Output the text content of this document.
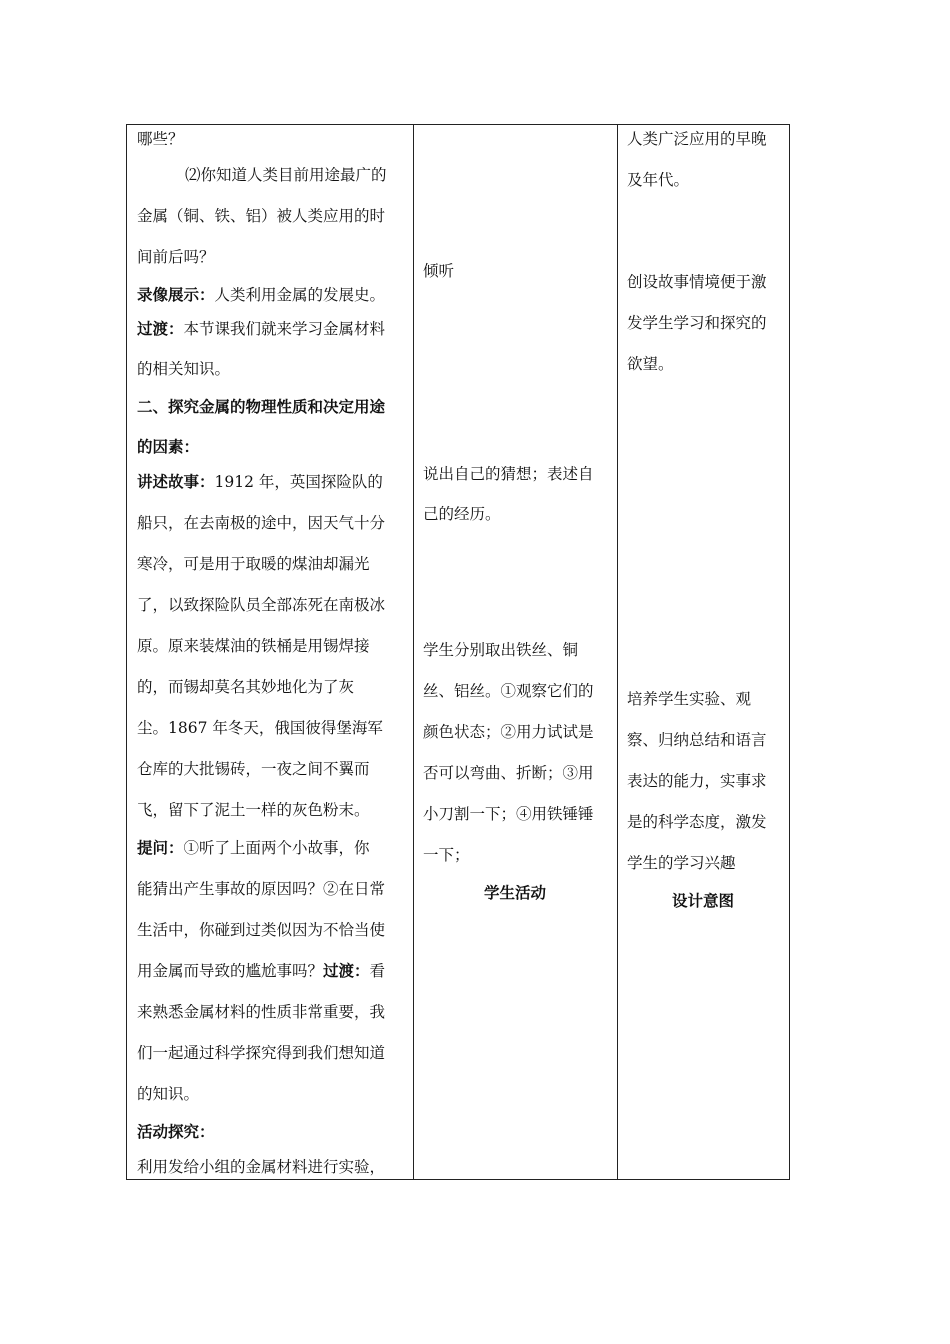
哪些？
⑵你知道人类目前用途最广的
金属（铜、铁、铝）被人类应用的时
间前后吗？
录像展示：人类利用金属的发展史。
过渡：本节课我们就来学习金属材料
的相关知识。
二、探究金属的物理性质和决定用途
的因素：
讲述故事：1912 年，英国探险队的
船只，在去南极的途中，因天气十分
寒冷，可是用于取暖的煤油却漏光
了，以致探险队员全部冻死在南极冰
原。原来装煤油的铁桶是用锡焊接
的，而锡却莫名其妙地化为了灰
尘。1867 年冬天，俄国彼得堡海军
仓库的大批锡砖，一夜之间不翼而
飞，留下了泥土一样的灰色粉末。
提问：①听了上面两个小故事，你
能猜出产生事故的原因吗？②在日常
生活中，你碰到过类似因为不恰当使
用金属而导致的尴尬事吗？过渡：看
来熟悉金属材料的性质非常重要，我
们一起通过科学探究得到我们想知道
的知识。
活动探究：
利用发给小组的金属材料进行实验，
倾听
说出自己的猜想；表述自
己的经历。
学生分别取出铁丝、铜
丝、铝丝。①观察它们的
颜色状态；②用力试试是
否可以弯曲、折断；③用
小刀割一下；④用铁锤锤
一下；
学生活动
人类广泛应用的早晚
及年代。
创设故事情境便于激
发学生学习和探究的
欲望。
培养学生实验、观
察、归纳总结和语言
表达的能力，实事求
是的科学态度，激发
学生的学习兴趣
设计意图
